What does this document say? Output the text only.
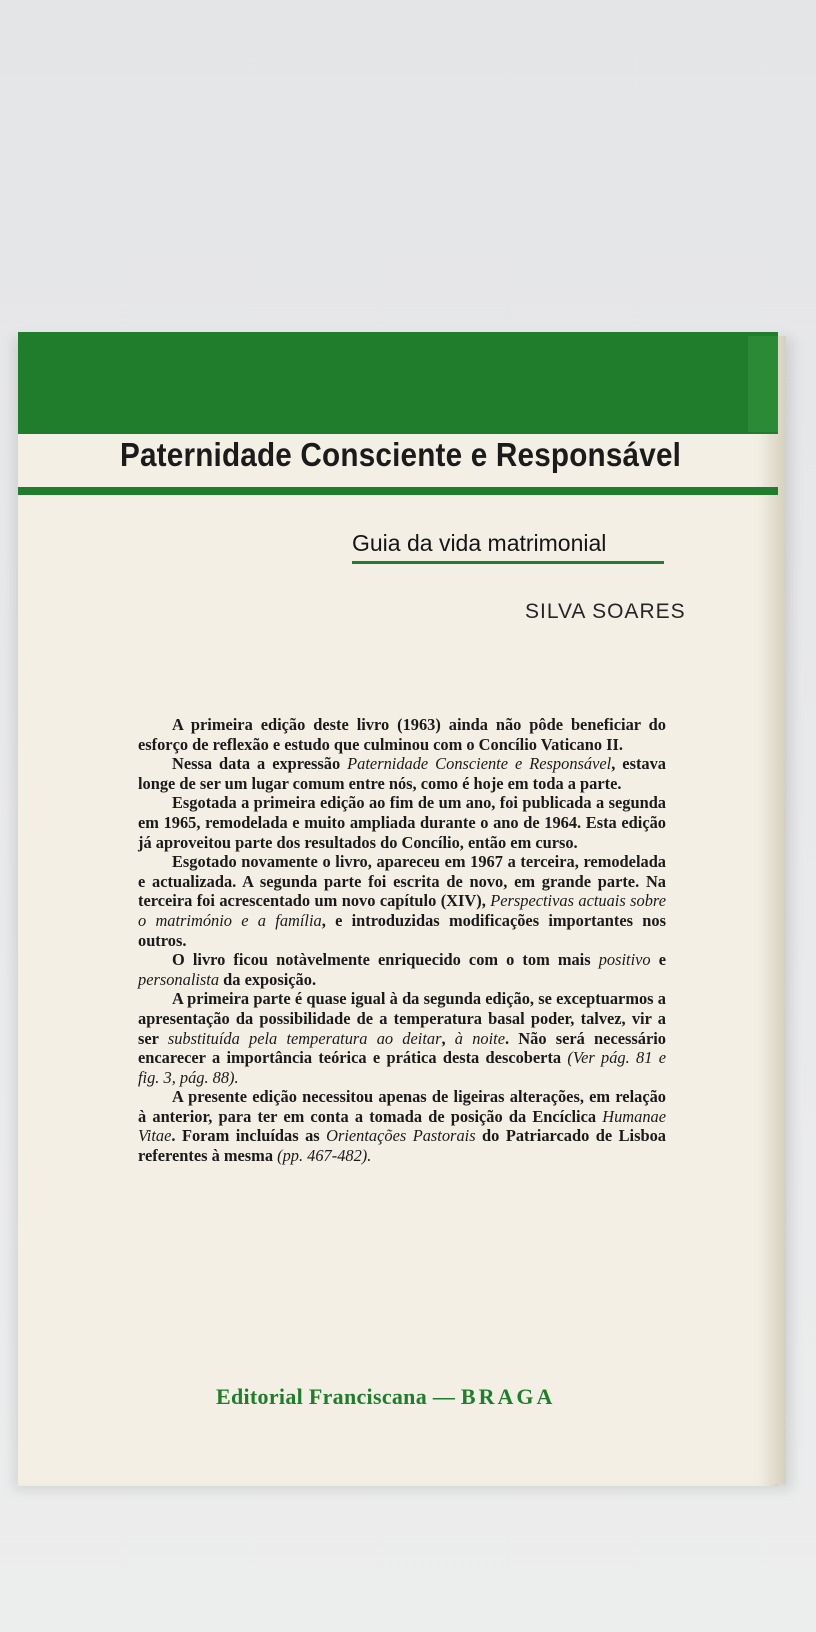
Paternidade Consciente e Responsável
Guia da vida matrimonial
SILVA SOARES

A primeira edição deste livro (1963) ainda não pôde beneficiar do esforço de reflexão e estudo que culminou com o Concílio Vaticano II.

Nessa data a expressão Paternidade Consciente e Responsável, estava longe de ser um lugar comum entre nós, como é hoje em toda a parte.

Esgotada a primeira edição ao fim de um ano, foi publicada a segunda em 1965, remodelada e muito ampliada durante o ano de 1964. Esta edição já aproveitou parte dos resultados do Concílio, então em curso.

Esgotado novamente o livro, apareceu em 1967 a terceira, remodelada e actualizada. A segunda parte foi escrita de novo, em grande parte. Na terceira foi acrescentado um novo capítulo (XIV), Perspectivas actuais sobre o matrimónio e a família, e introduzidas modificações importantes nos outros.

O livro ficou notàvelmente enriquecido com o tom mais positivo e personalista da exposição.

A primeira parte é quase igual à da segunda edição, se exceptuarmos a apresentação da possibilidade de a temperatura basal poder, talvez, vir a ser substituída pela temperatura ao deitar, à noite. Não será necessário encarecer a importância teórica e prática desta descoberta (Ver pág. 81 e fig. 3, pág. 88).

A presente edição necessitou apenas de ligeiras alterações, em relação à anterior, para ter em conta a tomada de posição da Encíclica Humanae Vitae. Foram incluídas as Orientações Pastorais do Patriarcado de Lisboa referentes à mesma (pp. 467-482).

Editorial Franciscana — BRAGA
